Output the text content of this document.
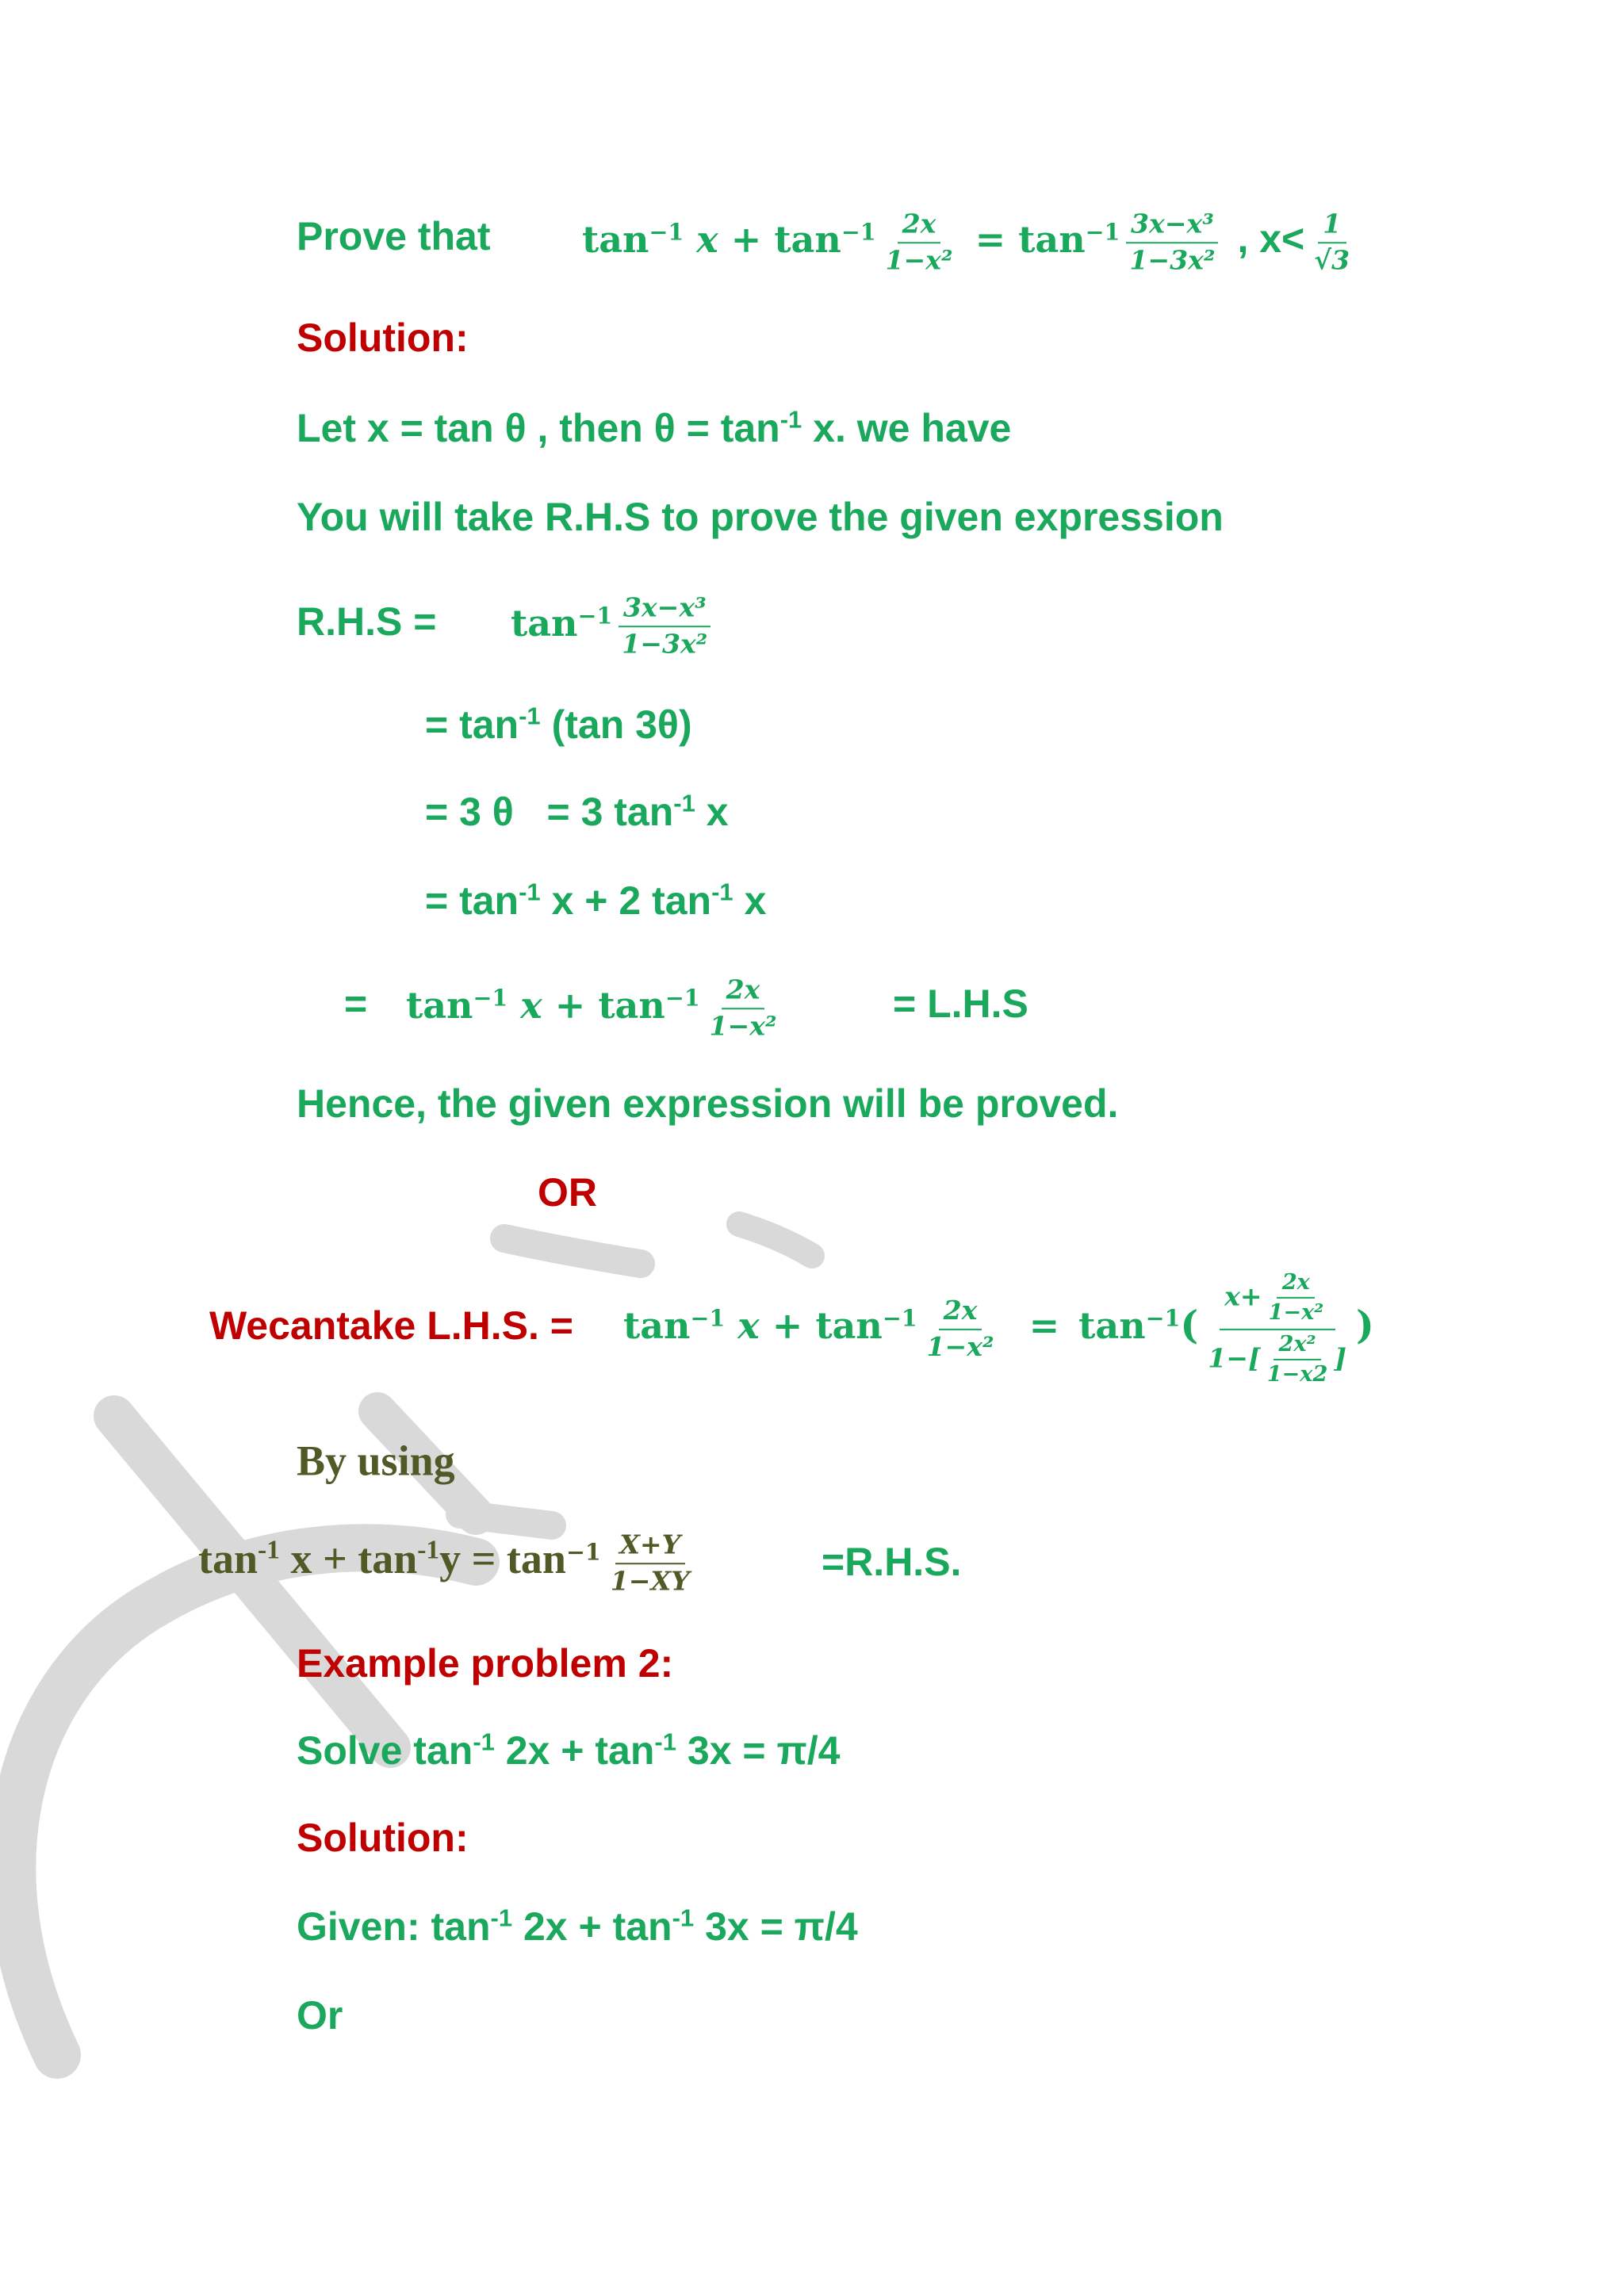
Prove that	$\tan^{-1} x + \tan^{-1} \frac{2x}{\text{1−x²}} = \tan^{-1} \frac{\text{3x−x³}}{\text{1−3x²}}$ , $x< \frac{1}{√3}$
Solution:
Let x = tan θ , then $\theta = \tan^{-1} x$. we have
You will take R.H.S to prove the given expression
R.H.S =	$\tan^{-1} \frac{\text{3x−x³}}{\text{1−3x²}}$
= $\tan^{-1} (\tan$ 3θ)
= 3 θ   = 3 $\tan^{-1} x$
= $\tan^{-1} x + 2$ $\tan^{-1} x$
= $\tan^{-1} x + \tan^{-1} \frac{2x}{\text{1−x²}}$	= L.H.S
Hence, the given expression will be proved.
OR
Wecantake L.H.S. =	$\tan^{-1} x + \tan^{-1} \frac{2x}{\text{1−x²}} = \tan^{-1}( \frac{x+ \frac{2x}{\text{1−x²}}}{1-[ \frac{\text{2x²}}{1-x2} ]}$ )
By using
$\tan^{-1} x + \tan^{-1}y = \tan^{-1} \frac{X+Y}{1-XY}$	=R.H.S.
Example problem 2:
Solve $\tan^{-1} 2x + \tan^{-1} 3x = \pi/4$
Solution:
Given: $\tan^{-1} 2x + \tan^{-1} 3x = \pi/4$
Or
